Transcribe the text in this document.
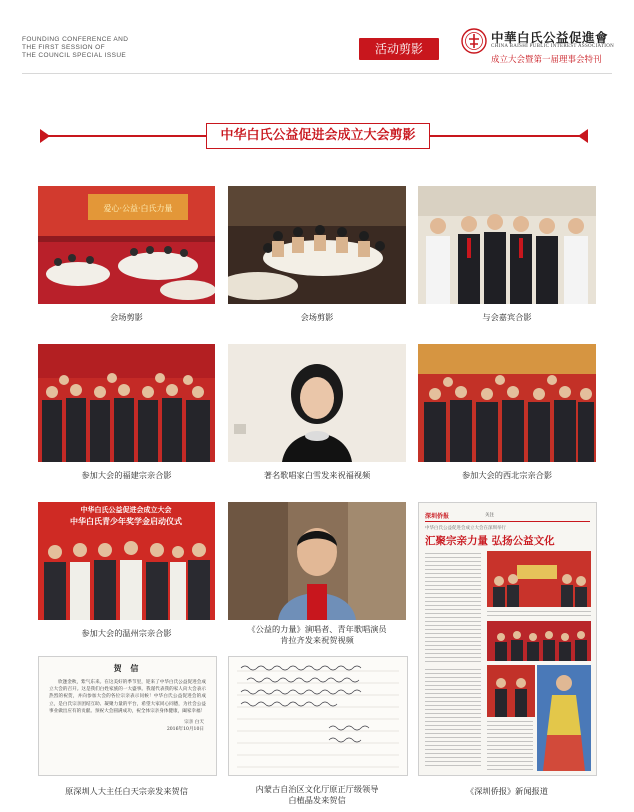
FOUNDING CONFERENCE AND
THE FIRST SESSION OF
THE COUNCIL SPECIAL ISSUE	活动剪影
中華白氏公益促進會
CHINA BAISHI PUBLIC INTEREST ASSOCIATION
成立大会暨第一届理事会特刊
中华白氏公益促进会成立大会剪影
爱心·公益·白氏力量
会场剪影	会场剪影	与会嘉宾合影
参加大会的福建宗亲合影	著名歌唱家白雪发来祝福视频	参加大会的西北宗亲合影
中华白氏公益促进会成立大会
中华白氏青少年奖学金启动仪式
参加大会的温州宗亲合影	《公益的力量》演唱者、青年歌唱演员
肯拉齐发来祝贺视频
深圳侨报	关注
中华白氏公益促进会成立大会在深圳举行
汇聚宗亲力量 弘扬公益文化
《深圳侨报》新闻报道
贺 信
欣逢金秋，紫气东来。在这美好的季节里，迎来了中华白氏公益促进会成立大会的召开。这是我们白姓家族的一大盛事。我谨代表我的家人向大会表示热烈的祝贺，并向参加大会的各位宗亲表示问候！中华白氏公益促进会的成立，是白氏宗亲团结互助、凝聚力量的平台，希望大家同心同德，为社会公益事业做出应有的贡献。预祝大会圆满成功，祝全体宗亲身体健康，阖家幸福！
宗亲 白天
2016年10月10日
原深圳人大主任白天宗亲发来贺信	内蒙古自治区文化厅原正厅级领导
白植晶发来贺信
